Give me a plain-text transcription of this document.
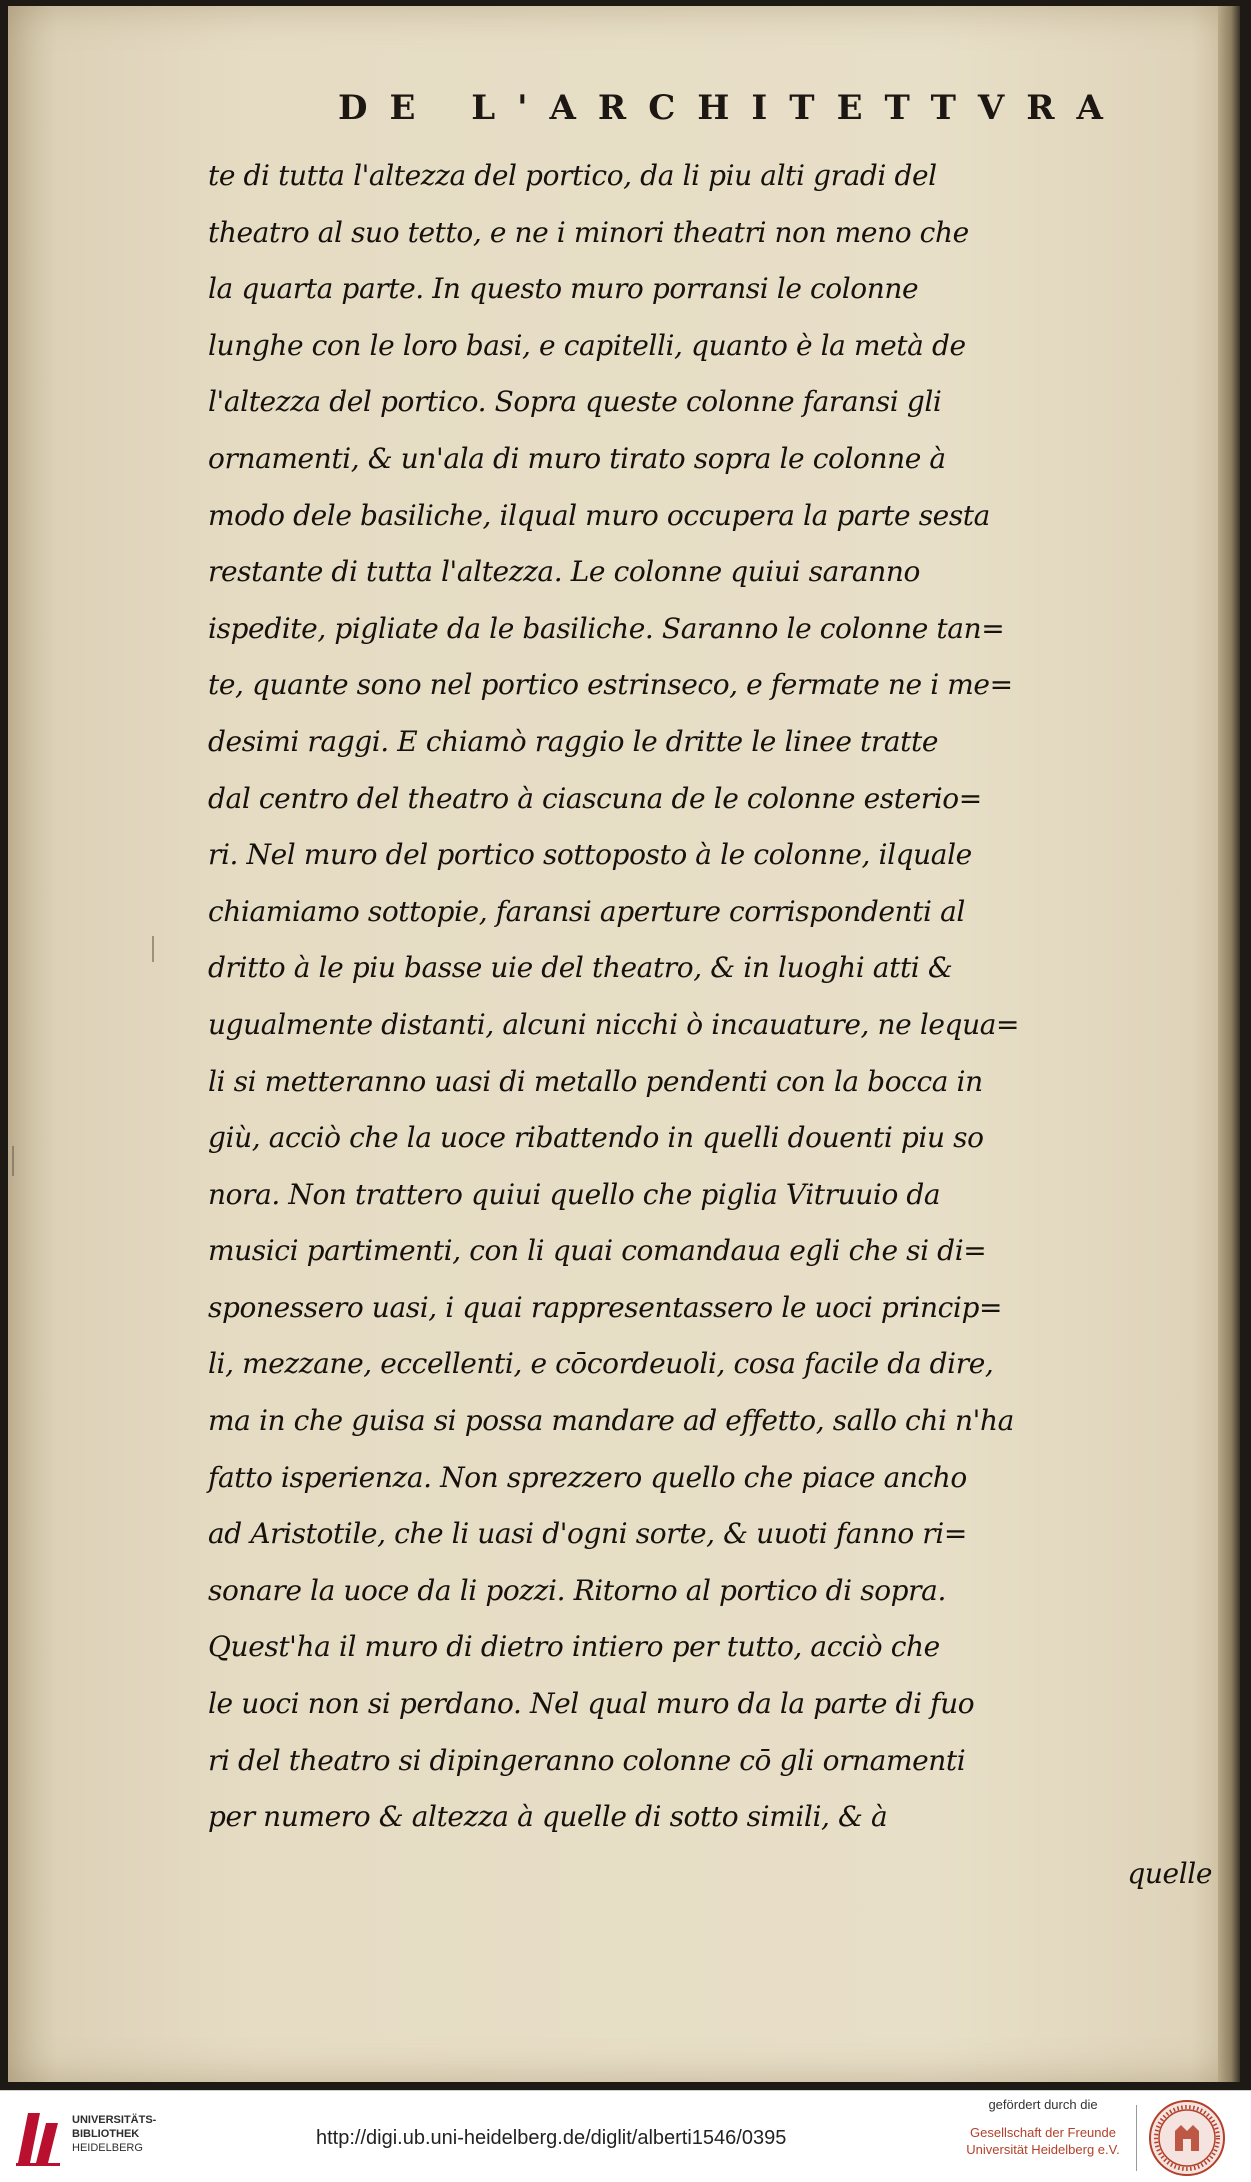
DE L'ARCHITETTVRA
te di tutta l'altezza del portico, da li piu alti gradi del
theatro al suo tetto, e ne i minori theatri non meno che
la quarta parte. In questo muro porransi le colonne
lunghe con le loro basi, e capitelli, quanto è la metà de
l'altezza del portico. Sopra queste colonne faransi gli
ornamenti, & un'ala di muro tirato sopra le colonne à
modo dele basiliche, ilqual muro occupera la parte sesta
restante di tutta l'altezza. Le colonne quiui saranno
ispedite, pigliate da le basiliche. Saranno le colonne tan=
te, quante sono nel portico estrinseco, e fermate ne i me=
desimi raggi. E chiamò raggio le dritte le linee tratte
dal centro del theatro à ciascuna de le colonne esterio=
ri. Nel muro del portico sottoposto à le colonne, ilquale
chiamiamo sottopie, faransi aperture corrispondenti al
dritto à le piu basse uie del theatro, & in luoghi atti &
ugualmente distanti, alcuni nicchi ò incauature, ne lequa=
li si metteranno uasi di metallo pendenti con la bocca in
giù, acciò che la uoce ribattendo in quelli douenti piu so
nora. Non trattero quiui quello che piglia Vitruuio da
musici partimenti, con li quai comandaua egli che si di=
sponessero uasi, i quai rappresentassero le uoci princip=
li, mezzane, eccellenti, e cōcordeuoli, cosa facile da dire,
ma in che guisa si possa mandare ad effetto, sallo chi n'ha
fatto isperienza. Non sprezzero quello che piace ancho
ad Aristotile, che li uasi d'ogni sorte, & uuoti fanno ri=
sonare la uoce da li pozzi. Ritorno al portico di sopra.
Quest'ha il muro di dietro intiero per tutto, acciò che
le uoci non si perdano. Nel qual muro da la parte di fuo
ri del theatro si dipingeranno colonne cō gli ornamenti
per numero & altezza à quelle di sotto simili, & à
quelle
UNIVERSITÄTS-
BIBLIOTHEK
HEIDELBERG	http://digi.ub.uni-heidelberg.de/diglit/alberti1546/0395
gefördert durch die
Gesellschaft der Freunde
Universität Heidelberg e.V.
